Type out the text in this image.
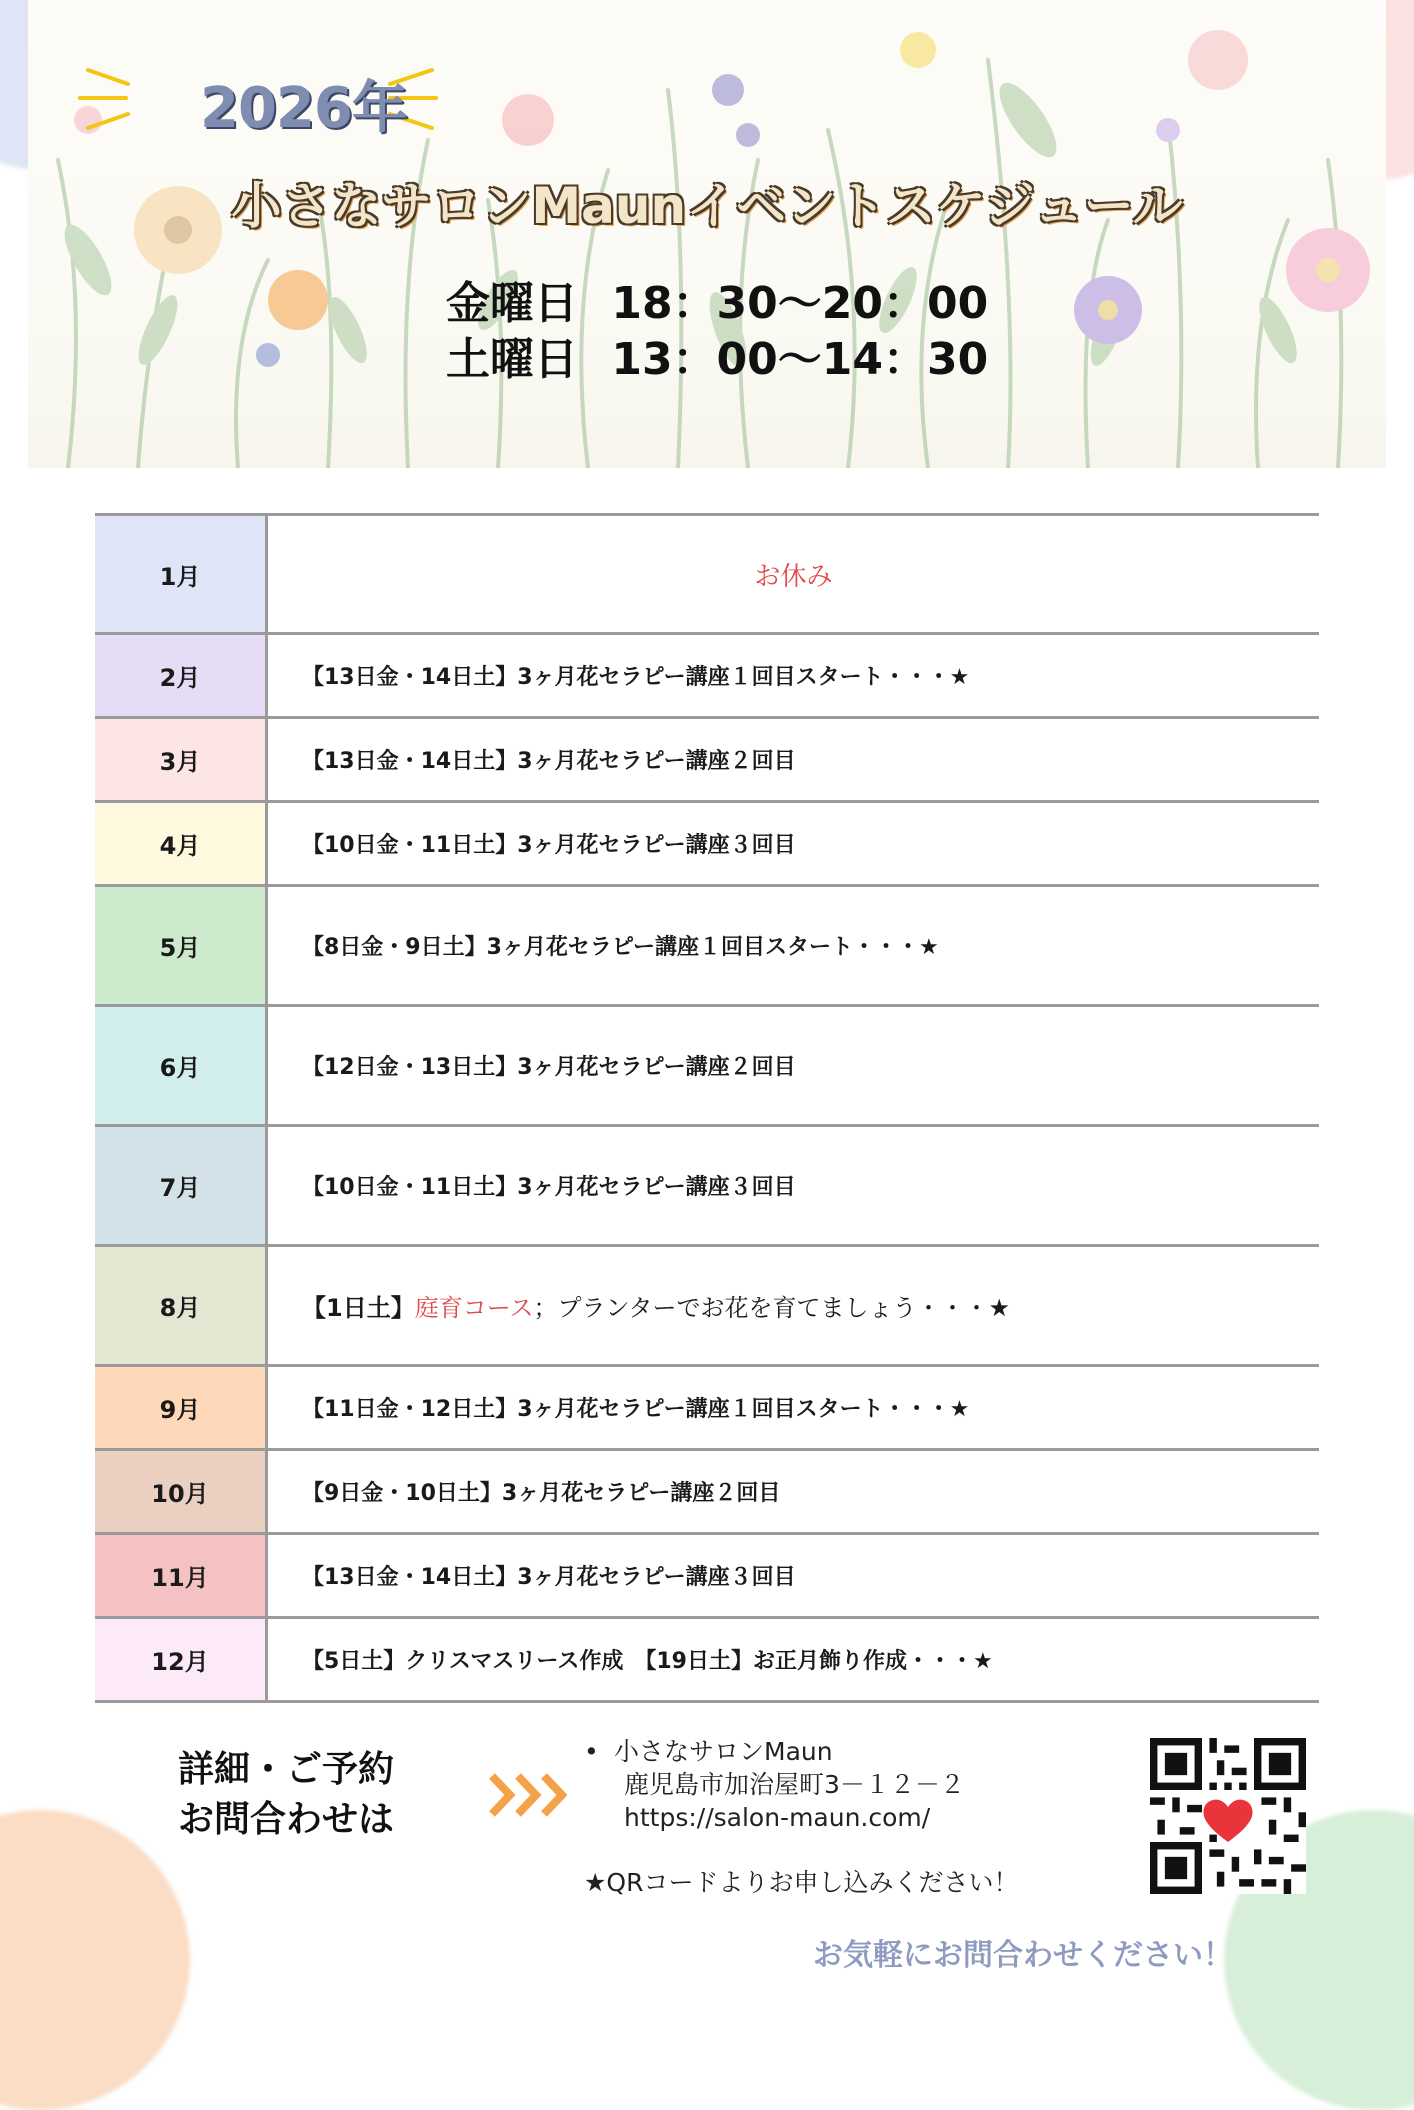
2026年
小さなサロンMaunイベントスケジュール
金曜日 18：30〜20：00
土曜日 13：00〜14：30
1月	お休み
2月	【13日金・14日土】3ヶ月花セラピー講座１回目スタート・・・★
3月	【13日金・14日土】3ヶ月花セラピー講座２回目
4月	【10日金・11日土】3ヶ月花セラピー講座３回目
5月	【8日金・9日土】3ヶ月花セラピー講座１回目スタート・・・★
6月	【12日金・13日土】3ヶ月花セラピー講座２回目
7月	【10日金・11日土】3ヶ月花セラピー講座３回目
8月	【1日土】 庭育コース ；プランターでお花を育てましょう・・・★
9月	【11日金・12日土】3ヶ月花セラピー講座１回目スタート・・・★
10月	【9日金・10日土】3ヶ月花セラピー講座２回目
11月	【13日金・14日土】3ヶ月花セラピー講座３回目
12月	【5日土】クリスマスリース作成　【19日土】お正月飾り作成・・・★
詳細・ご予約
お問合わせは
• 小さなサロンMaun
鹿児島市加治屋町3－１２－２
https://salon-maun.com/
★QRコードよりお申し込みください！
お気軽にお問合わせください！
